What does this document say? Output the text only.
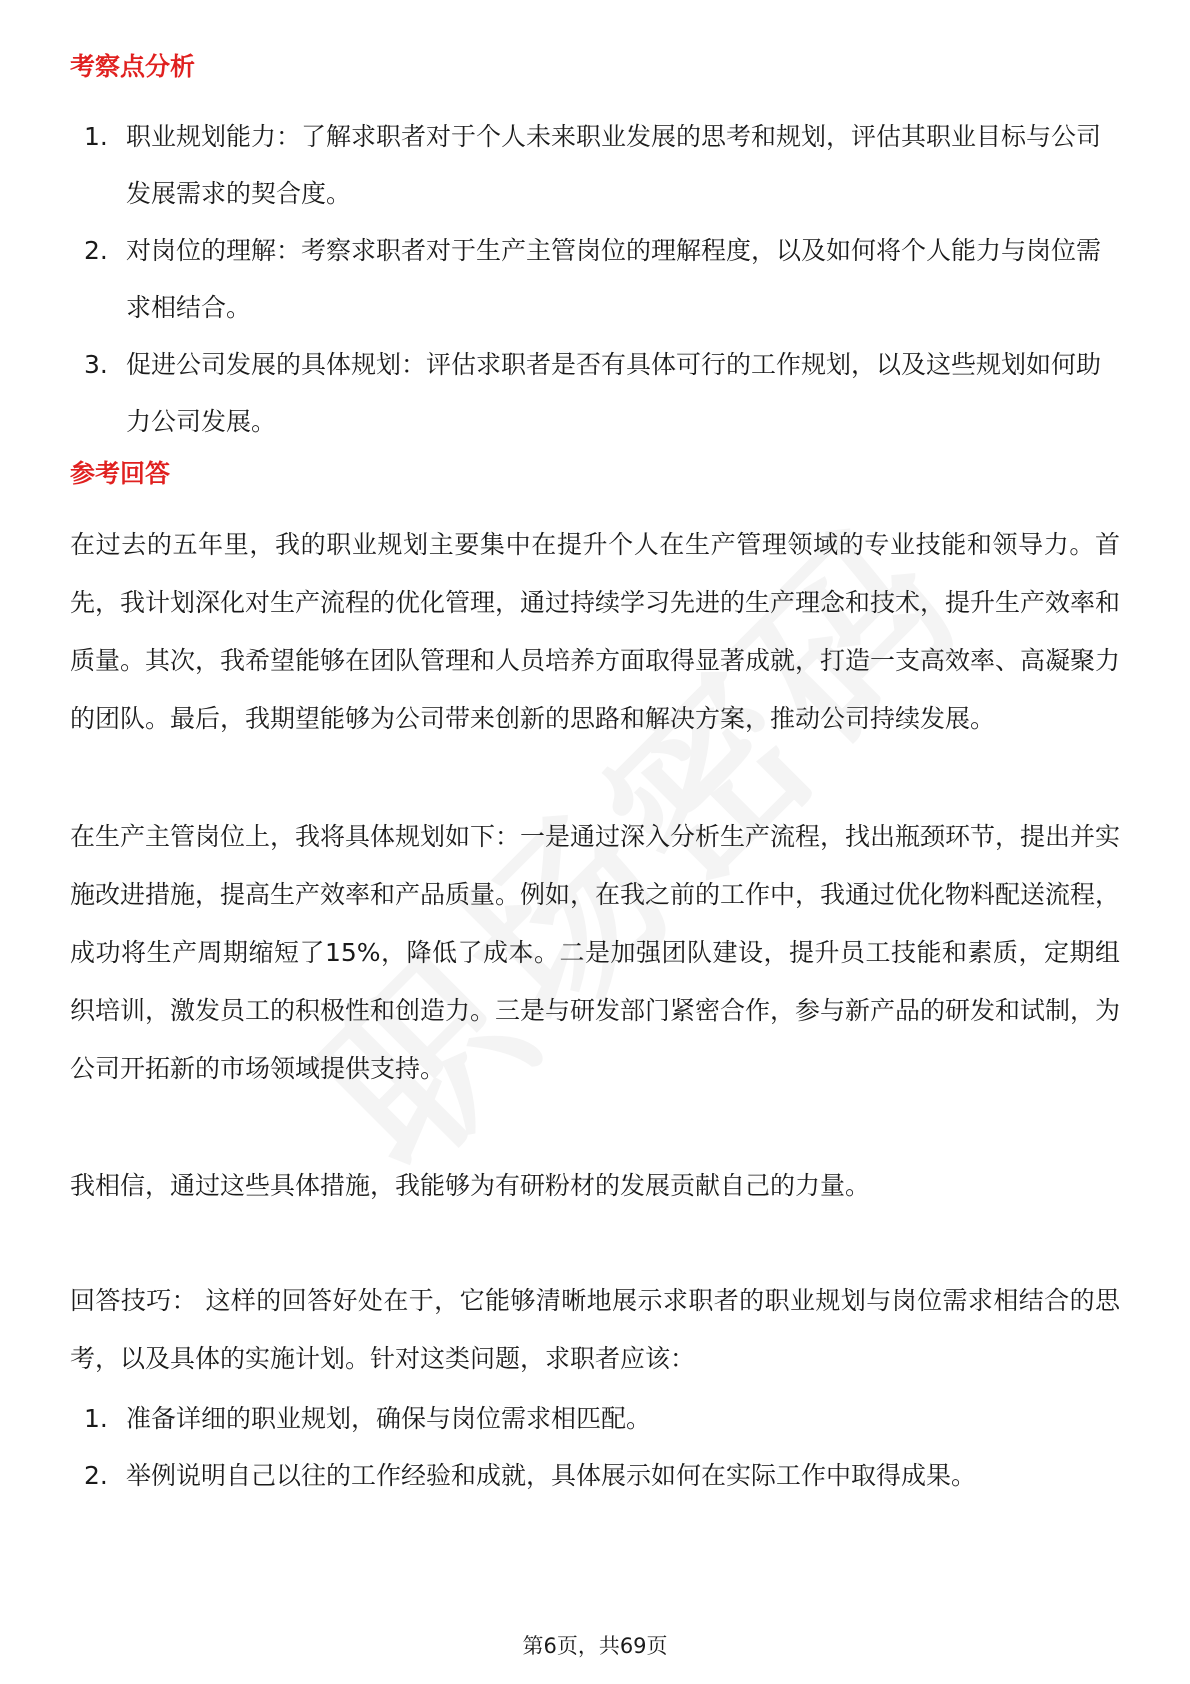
考察点分析
1. 职业规划能力：了解求职者对于个人未来职业发展的思考和规划，评估其职业目标与公司发展需求的契合度。
2. 对岗位的理解：考察求职者对于生产主管岗位的理解程度，以及如何将个人能力与岗位需求相结合。
3. 促进公司发展的具体规划：评估求职者是否有具体可行的工作规划，以及这些规划如何助力公司发展。
参考回答

在过去的五年里，我的职业规划主要集中在提升个人在生产管理领域的专业技能和领导力。首先，我计划深化对生产流程的优化管理，通过持续学习先进的生产理念和技术，提升生产效率和质量。其次，我希望能够在团队管理和人员培养方面取得显著成就，打造一支高效率、高凝聚力的团队。最后，我期望能够为公司带来创新的思路和解决方案，推动公司持续发展。

在生产主管岗位上，我将具体规划如下：一是通过深入分析生产流程，找出瓶颈环节，提出并实施改进措施，提高生产效率和产品质量。例如，在我之前的工作中，我通过优化物料配送流程，成功将生产周期缩短了15%，降低了成本。二是加强团队建设，提升员工技能和素质，定期组织培训，激发员工的积极性和创造力。三是与研发部门紧密合作，参与新产品的研发和试制，为公司开拓新的市场领域提供支持。

我相信，通过这些具体措施，我能够为有研粉材的发展贡献自己的力量。

回答技巧： 这样的回答好处在于，它能够清晰地展示求职者的职业规划与岗位需求相结合的思考，以及具体的实施计划。针对这类问题，求职者应该：

1. 准备详细的职业规划，确保与岗位需求相匹配。
2. 举例说明自己以往的工作经验和成就，具体展示如何在实际工作中取得成果。
第6页，共69页
